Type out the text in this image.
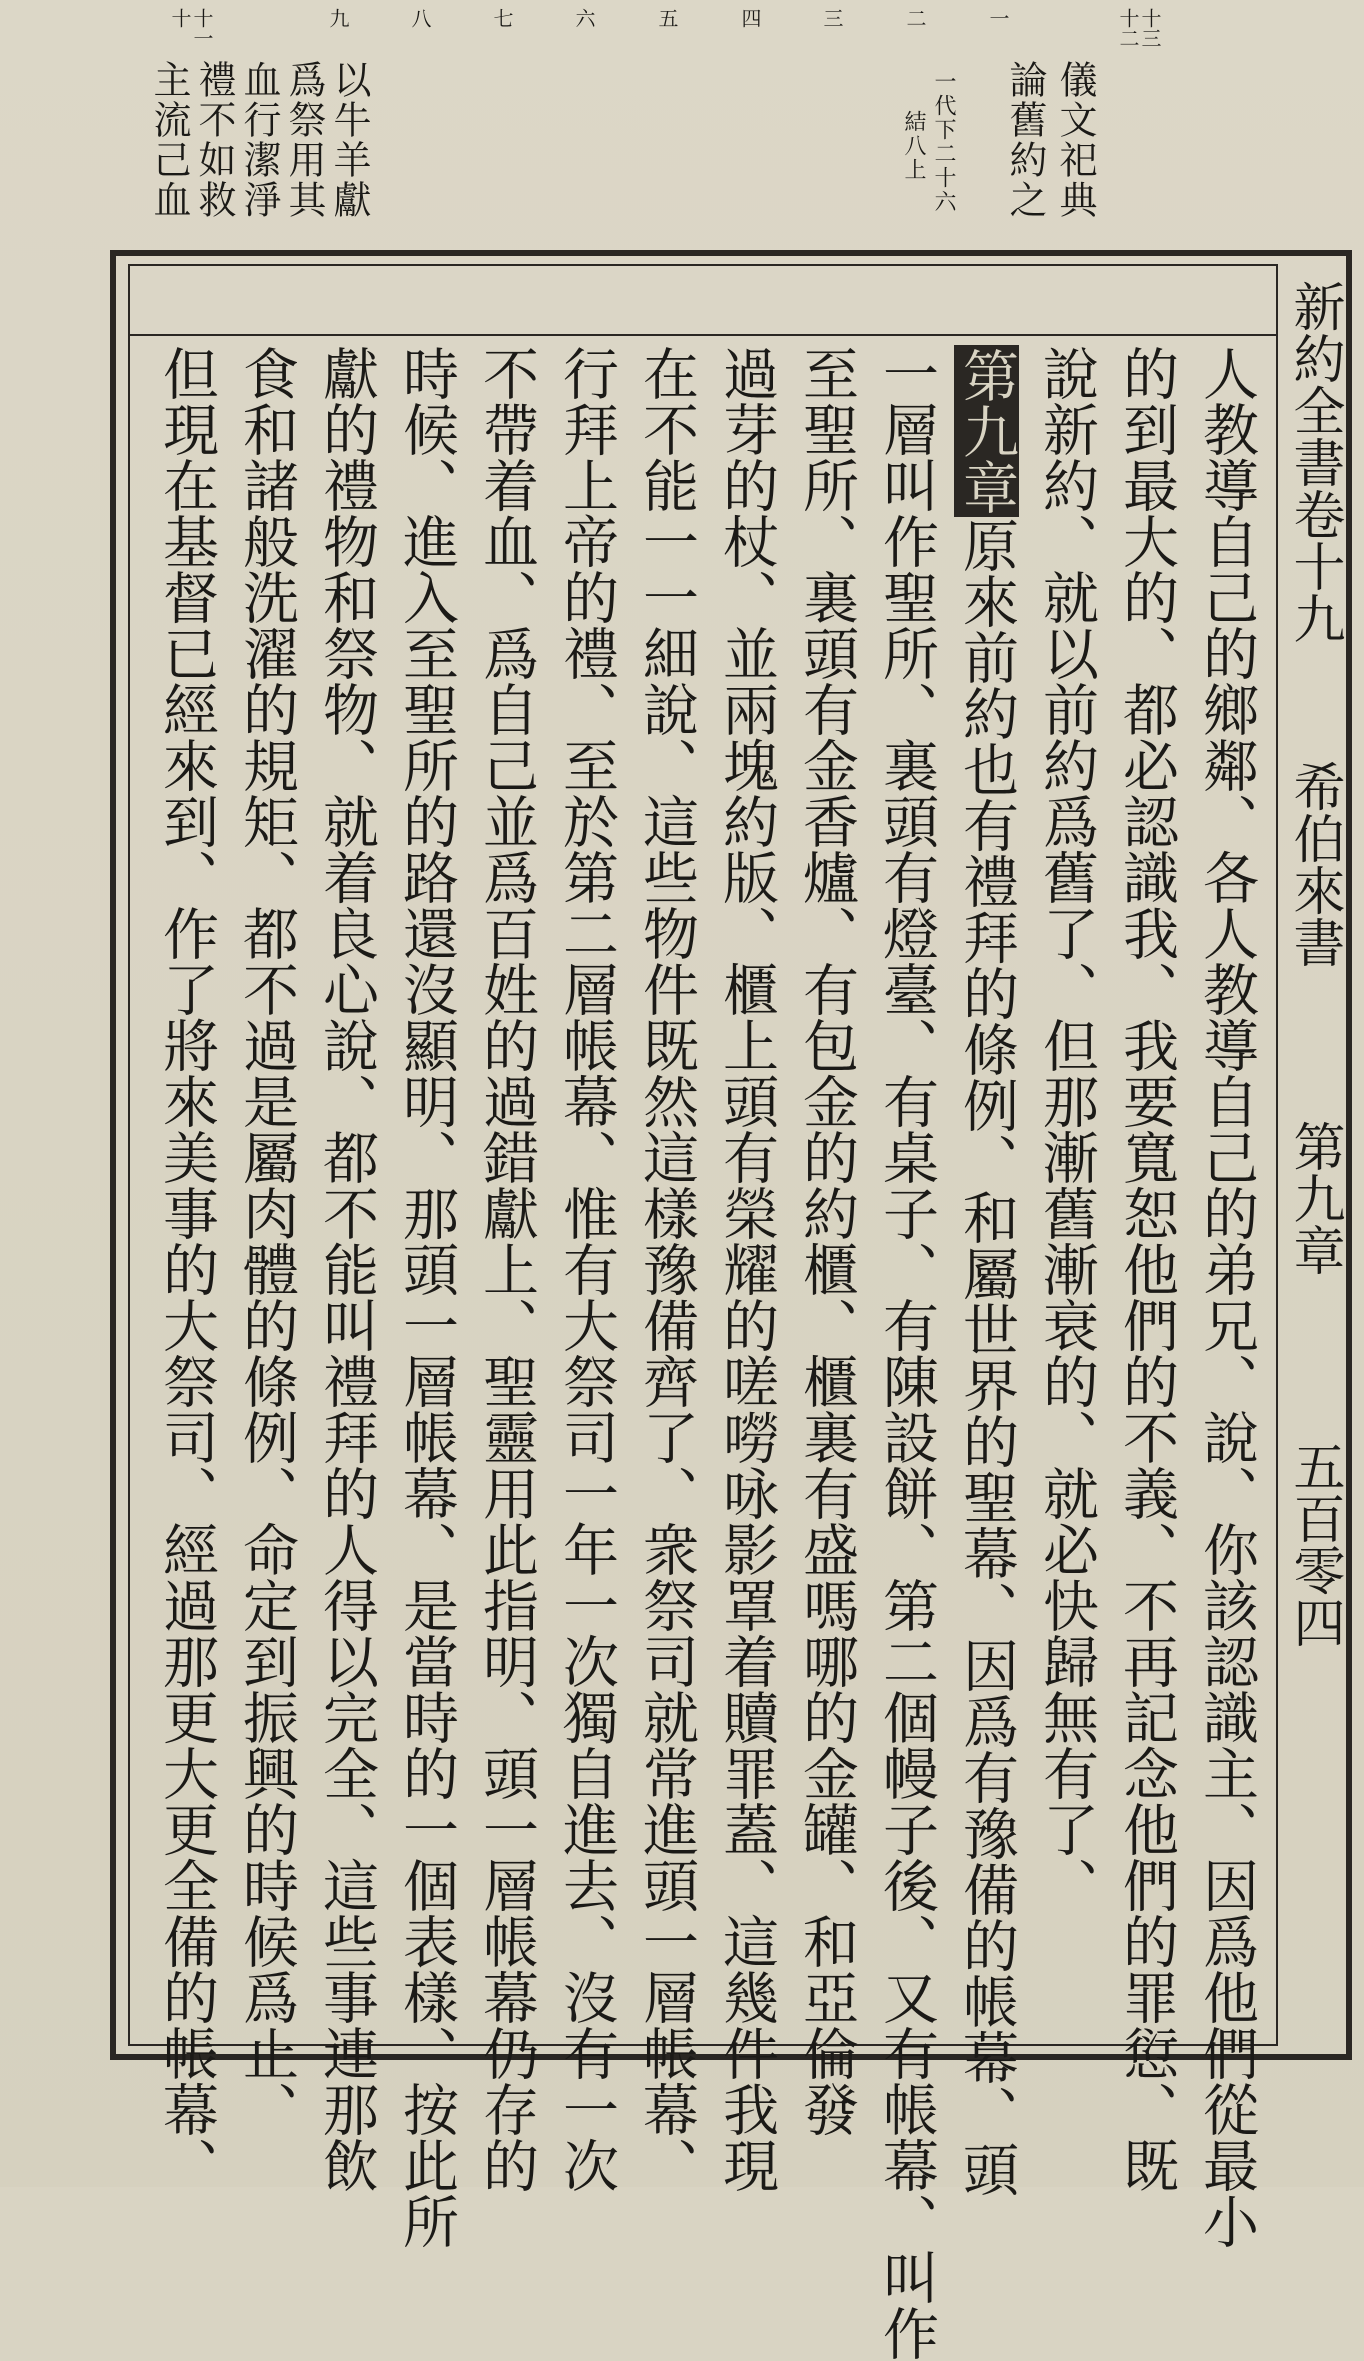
論舊約之 儀文祀典
一代下二十六
結八上
以牛羊獻
爲祭用其
血行潔淨
禮不如救
主流己血
新約全書卷十九
希伯來書
第九章
五百零四
十二
十三
一
二
三
四
五
六
七
八
九
十
十一
人教導自己的鄉鄰、各人教導自己的弟兄、說、你該認識主、因爲他們從最小
的到最大的、都必認識我、我要寬恕他們的不義、不再記念他們的罪愆、既
說新約、就以前約爲舊了、但那漸舊漸衰的、就必快歸無有了、
第九章原來前約也有禮拜的條例、和屬世界的聖幕、因爲有豫備的帳幕、頭
一層叫作聖所、裏頭有燈臺、有桌子、有陳設餅、第二個幔子後、又有帳幕、叫作
至聖所、裏頭有金香爐、有包金的約櫃、櫃裏有盛嗎哪的金罐、和亞倫發
過芽的杖、並兩塊約版、櫃上頭有榮耀的嗟嘮咏影罩着贖罪蓋、這幾件我現
在不能一一細說、這些物件既然這樣豫備齊了、衆祭司就常進頭一層帳幕、
行拜上帝的禮、至於第二層帳幕、惟有大祭司一年一次獨自進去、沒有一次
不帶着血、爲自己並爲百姓的過錯獻上、聖靈用此指明、頭一層帳幕仍存的
時候、進入至聖所的路還沒顯明、那頭一層帳幕、是當時的一個表樣、按此所
獻的禮物和祭物、就着良心說、都不能叫禮拜的人得以完全、這些事連那飲
食和諸般洗濯的規矩、都不過是屬肉體的條例、命定到振興的時候爲止、
但現在基督已經來到、作了將來美事的大祭司、經過那更大更全備的帳幕、
